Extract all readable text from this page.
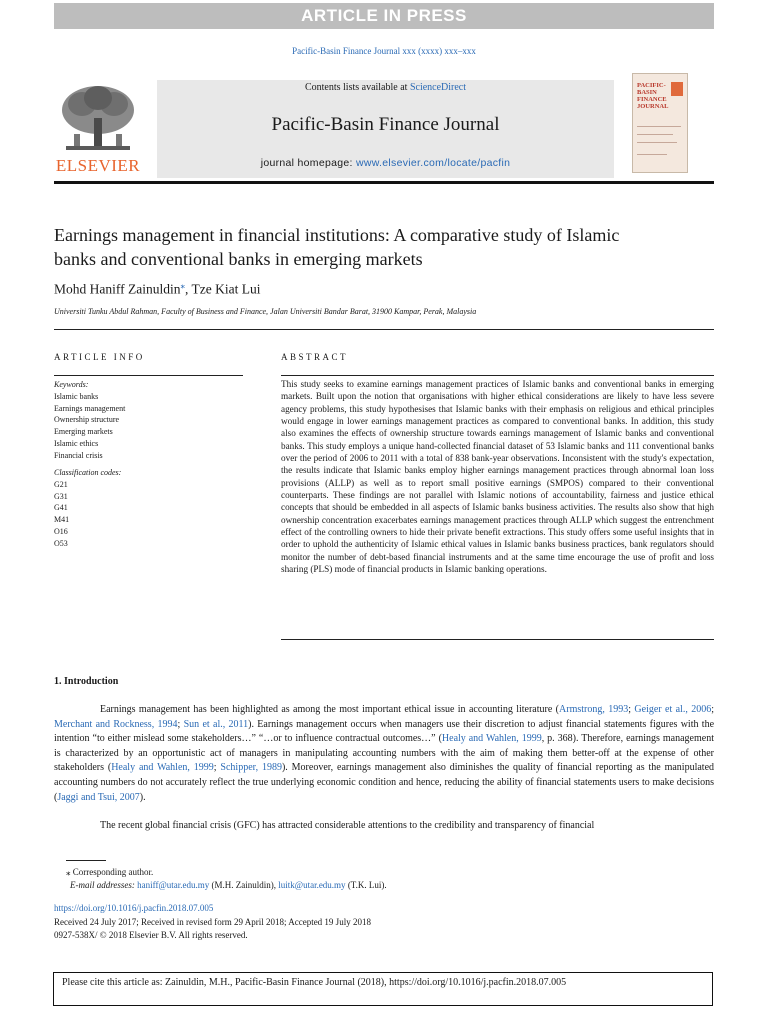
ARTICLE IN PRESS
Pacific-Basin Finance Journal xxx (xxxx) xxx–xxx
ELSEVIER
Contents lists available at ScienceDirect
Pacific-Basin Finance Journal
journal homepage: www.elsevier.com/locate/pacfin
PACIFIC-BASIN FINANCE JOURNAL
Earnings management in financial institutions: A comparative study of Islamic banks and conventional banks in emerging markets
Mohd Haniff Zainuldin⁎, Tze Kiat Lui
Universiti Tunku Abdul Rahman, Faculty of Business and Finance, Jalan Universiti Bandar Barat, 31900 Kampar, Perak, Malaysia
ARTICLE INFO	ABSTRACT
Keywords:
Islamic banks
Earnings management
Ownership structure
Emerging markets
Islamic ethics
Financial crisis
Classification codes:
G21
G31
G41
M41
O16
O53
This study seeks to examine earnings management practices of Islamic banks and conventional banks in emerging markets. Built upon the notion that organisations with higher ethical considerations are likely to have less severe agency problems, this study hypothesises that Islamic banks with their emphasis on religious and ethical principles would engage in lower earnings management practices as compared to conventional banks. In addition, this study also examines the effects of ownership structure towards earnings management of Islamic banks and conventional banks. This study employs a unique hand-collected financial dataset of 53 Islamic banks and 111 conventional banks over the period of 2006 to 2011 with a total of 838 bank-year observations. Inconsistent with the study's expectation, the results indicate that Islamic banks employ higher earnings management practices through abnormal loan loss provisions (ALLP) as well as to report small positive earnings (SMPOS) compared to their conventional counterparts. These findings are not parallel with Islamic notions of accountability, fairness and justice ethical concepts that should be embedded in all aspects of Islamic banks business activities. The results also show that high ownership concentration exacerbates earnings management practices through ALLP which suggest the entrenchment effect of the controlling owners to hide their private benefit extractions. This study offers some useful insights that in order to uphold the authenticity of Islamic ethical values in Islamic banks business practices, bank regulators should monitor the number of debt-based financial instruments and at the same time encourage the use of profit and loss sharing (PLS) mode of financial products in Islamic banking operations.
1. Introduction
Earnings management has been highlighted as among the most important ethical issue in accounting literature (Armstrong, 1993; Geiger et al., 2006; Merchant and Rockness, 1994; Sun et al., 2011). Earnings management occurs when managers use their discretion to adjust financial statements figures with the intention “to either mislead some stakeholders…” “…or to influence contractual outcomes…” (Healy and Wahlen, 1999, p. 368). Therefore, earnings management is characterized by an opportunistic act of managers in manipulating accounting numbers with the aim of making them better-off at the expense of other stakeholders (Healy and Wahlen, 1999; Schipper, 1989). Moreover, earnings management also diminishes the quality of financial reporting as the manipulated accounting numbers do not accurately reflect the true underlying economic condition and hence, reducing the ability of financial statements users to make decisions (Jaggi and Tsui, 2007).
The recent global financial crisis (GFC) has attracted considerable attentions to the credibility and transparency of financial
⁎ Corresponding author.
E-mail addresses: haniff@utar.edu.my (M.H. Zainuldin), luitk@utar.edu.my (T.K. Lui).
https://doi.org/10.1016/j.pacfin.2018.07.005
Received 24 July 2017; Received in revised form 29 April 2018; Accepted 19 July 2018
0927-538X/ © 2018 Elsevier B.V. All rights reserved.
Please cite this article as: Zainuldin, M.H., Pacific-Basin Finance Journal (2018), https://doi.org/10.1016/j.pacfin.2018.07.005
